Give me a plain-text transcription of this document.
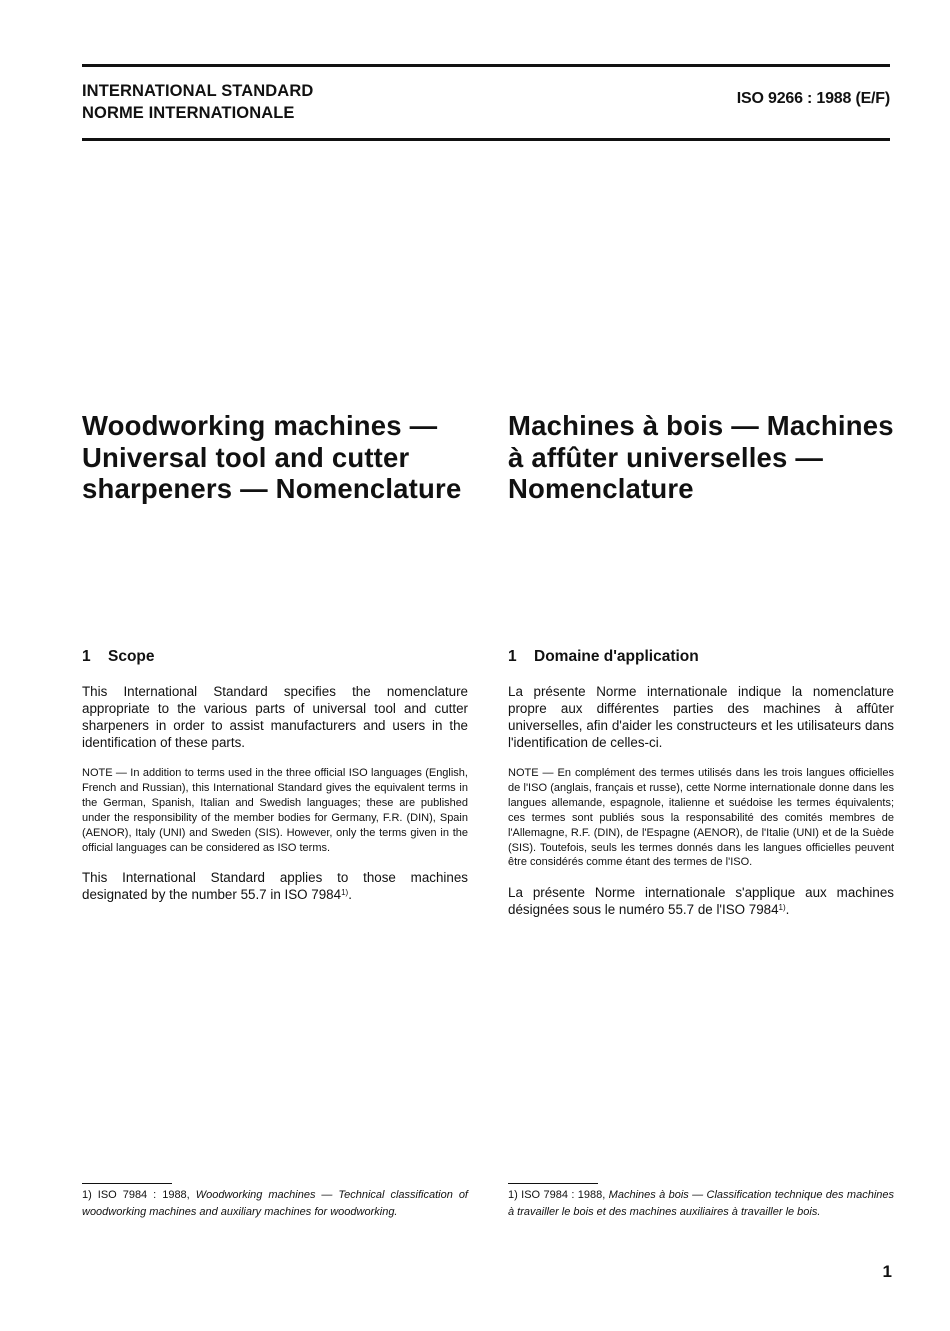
INTERNATIONAL STANDARD
NORME INTERNATIONALE
ISO 9266 : 1988 (E/F)
Woodworking machines —
Universal tool and cutter
sharpeners — Nomenclature
1 Scope

This International Standard specifies the nomenclature appropriate to the various parts of universal tool and cutter sharpeners in order to assist manufacturers and users in the identification of these parts.

NOTE — In addition to terms used in the three official ISO languages (English, French and Russian), this International Standard gives the equivalent terms in the German, Spanish, Italian and Swedish languages; these are published under the responsibility of the member bodies for Germany, F.R. (DIN), Spain (AENOR), Italy (UNI) and Sweden (SIS). However, only the terms given in the official languages can be considered as ISO terms.

This International Standard applies to those machines designated by the number 55.7 in ISO 7984$^{1)}$.

1) ISO 7984 : 1988, Woodworking machines — Technical classification of woodworking machines and auxiliary machines for woodworking.
Machines à bois — Machines
à affûter universelles —
Nomenclature
1 Domaine d'application

La présente Norme internationale indique la nomenclature propre aux différentes parties des machines à affûter universelles, afin d'aider les constructeurs et les utilisateurs dans l'identification de celles-ci.

NOTE — En complément des termes utilisés dans les trois langues officielles de l'ISO (anglais, français et russe), cette Norme internationale donne dans les langues allemande, espagnole, italienne et suédoise les termes équivalents; ces termes sont publiés sous la responsabilité des comités membres de l'Allemagne, R.F. (DIN), de l'Espagne (AENOR), de l'Italie (UNI) et de la Suède (SIS). Toutefois, seuls les termes donnés dans les langues officielles peuvent être considérés comme étant des termes de l'ISO.

La présente Norme internationale s'applique aux machines désignées sous le numéro 55.7 de l'ISO 7984$^{1)}$.

1) ISO 7984 : 1988, Machines à bois — Classification technique des machines à travailler le bois et des machines auxiliaires à travailler le bois.
1
